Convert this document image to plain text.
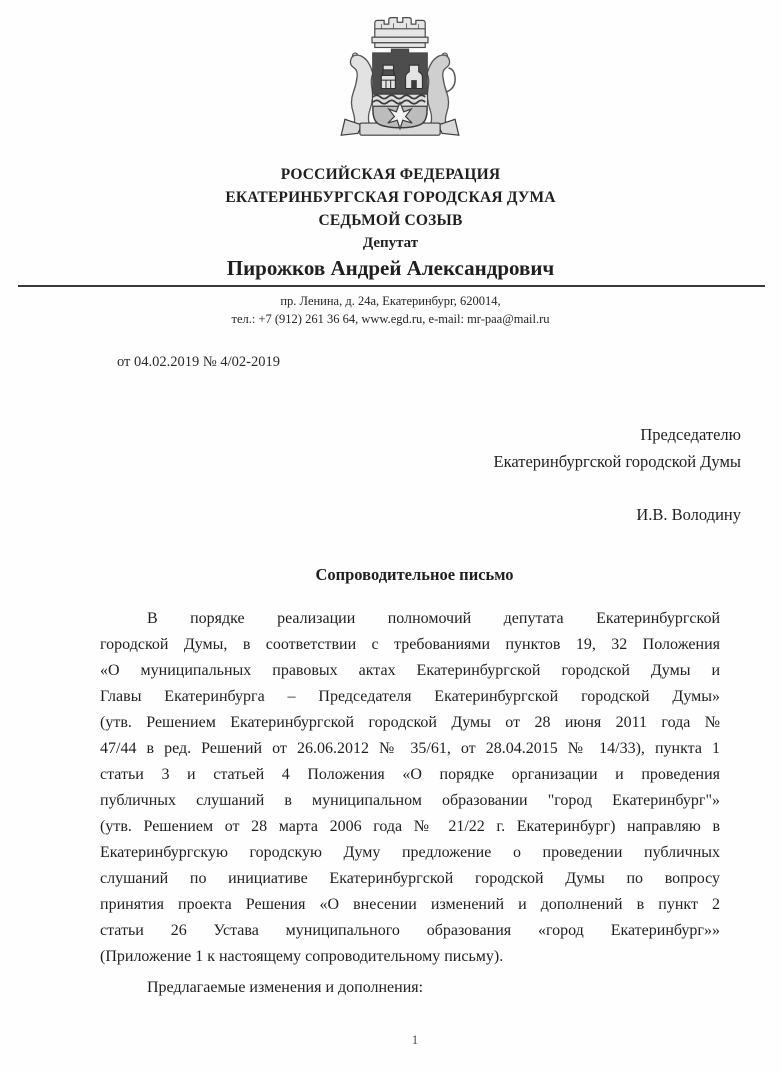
РОССИЙСКАЯ ФЕДЕРАЦИЯ
ЕКАТЕРИНБУРГСКАЯ ГОРОДСКАЯ ДУМА
СЕДЬМОЙ СОЗЫВ
Депутат
Пирожков Андрей Александрович
пр. Ленина, д. 24а, Екатеринбург, 620014,
тел.: +7 (912) 261 36 64, www.egd.ru, e-mail: mr-paa@mail.ru
от 04.02.2019 № 4/02-2019
Председателю
Екатеринбургской городской Думы
И.В. Володину
Сопроводительное письмо
В порядке реализации полномочий депутата Екатеринбургской
городской Думы, в соответствии с требованиями пунктов 19, 32 Положения
«О муниципальных правовых актах Екатеринбургской городской Думы и
Главы Екатеринбурга – Председателя Екатеринбургской городской Думы»
(утв. Решением Екатеринбургской городской Думы от 28 июня 2011 года №
47/44 в ред. Решений от 26.06.2012 № 35/61, от 28.04.2015 № 14/33), пункта 1
статьи 3 и статьей 4 Положения «О порядке организации и проведения
публичных слушаний в муниципальном образовании "город Екатеринбург"»
(утв. Решением от 28 марта 2006 года № 21/22 г. Екатеринбург) направляю в
Екатеринбургскую городскую Думу предложение о проведении публичных
слушаний по инициативе Екатеринбургской городской Думы по вопросу
принятия проекта Решения «О внесении изменений и дополнений в пункт 2
статьи 26 Устава муниципального образования «город Екатеринбург»»
(Приложение 1 к настоящему сопроводительному письму).
Предлагаемые изменения и дополнения:
1
